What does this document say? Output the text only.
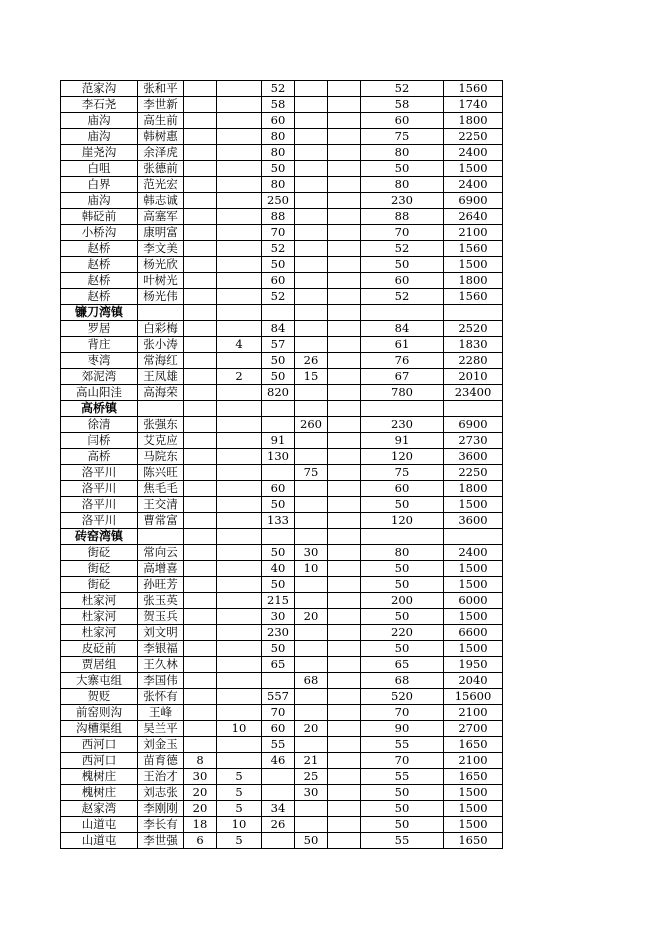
范家沟	张和平			52			52	1560
李石尧	李世新			58			58	1740
庙沟	高生前			60			60	1800
庙沟	韩树惠			80			75	2250
崖尧沟	余泽虎			80			80	2400
白咀	张德前			50			50	1500
白界	范光宏			80			80	2400
庙沟	韩志诚			250			230	6900
韩砭前	高塞军			88			88	2640
小桥沟	康明富			70			70	2100
赵桥	李文美			52			52	1560
赵桥	杨光欣			50			50	1500
赵桥	叶树光			60			60	1800
赵桥	杨光伟			52			52	1560
镰刀湾镇								
罗居	白彩梅			84			84	2520
背庄	张小涛		4	57			61	1830
枣湾	常海红			50	26		76	2280
郊泥湾	王凤雄		2	50	15		67	2010
高山阳洼	高海荣			820			780	23400
高桥镇								
徐清	张强东				260		230	6900
闫桥	艾克应			91			91	2730
高桥	马院东			130			120	3600
洛平川	陈兴旺				75		75	2250
洛平川	焦毛毛			60			60	1800
洛平川	王交清			50			50	1500
洛平川	曹常富			133			120	3600
砖窑湾镇								
街砭	常向云			50	30		80	2400
街砭	高增喜			40	10		50	1500
街砭	孙旺芳			50			50	1500
杜家河	张玉英			215			200	6000
杜家河	贺玉兵			30	20		50	1500
杜家河	刘文明			230			220	6600
皮砭前	李银福			50			50	1500
贾居组	王久林			65			65	1950
大寨屯组	李国伟				68		68	2040
贺贬	张怀有			557			520	15600
前窑则沟	王峰			70			70	2100
沟槽渠组	吴兰平		10	60	20		90	2700
西河口	刘金玉			55			55	1650
西河口	苗育德	8		46	21		70	2100
槐树庄	王治才	30	5		25		55	1650
槐树庄	刘志张	20	5		30		50	1500
赵家湾	李刚刚	20	5	34			50	1500
山道屯	李长有	18	10	26			50	1500
山道屯	李世强	6	5		50		55	1650
